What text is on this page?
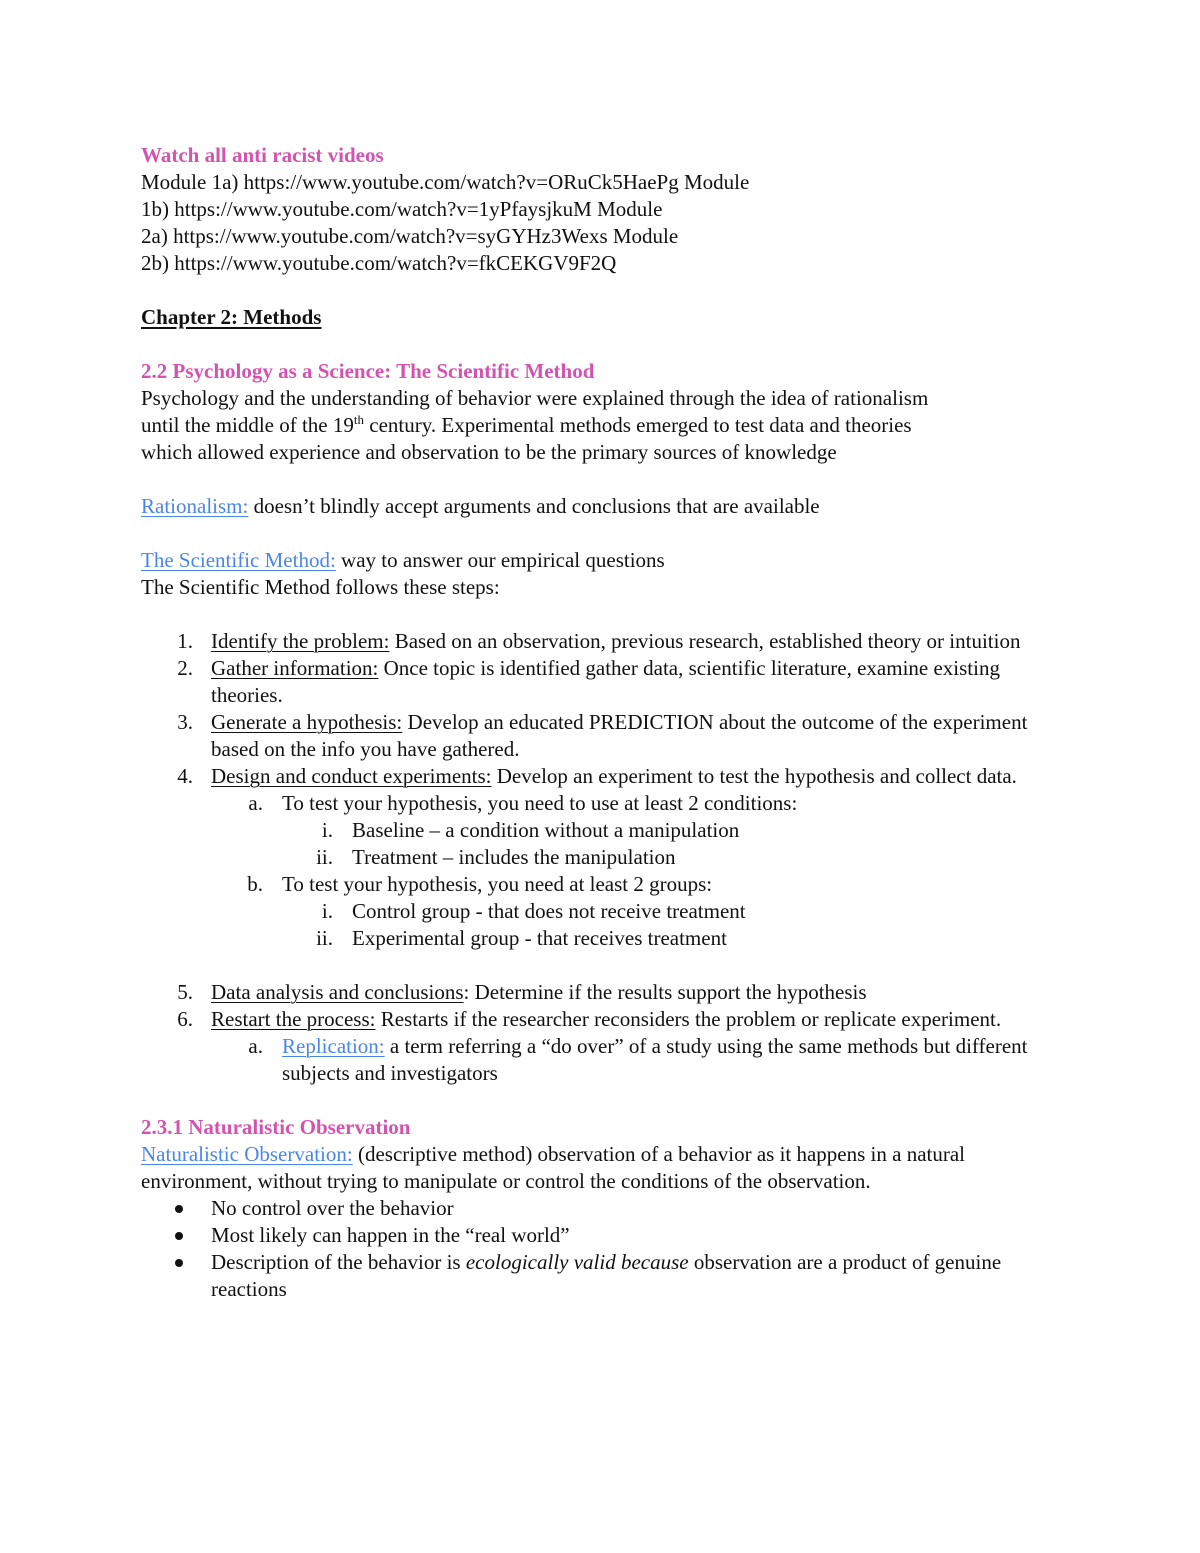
Watch all anti racist videos
Module 1a) https://www.youtube.com/watch?v=ORuCk5HaePg Module
1b) https://www.youtube.com/watch?v=1yPfaysjkuM Module
2a) https://www.youtube.com/watch?v=syGYHz3Wexs Module
2b) https://www.youtube.com/watch?v=fkCEKGV9F2Q
Chapter 2: Methods
2.2 Psychology as a Science: The Scientific Method
Psychology and the understanding of behavior were explained through the idea of rationalism
until the middle of the 19th century. Experimental methods emerged to test data and theories
which allowed experience and observation to be the primary sources of knowledge
Rationalism: doesn’t blindly accept arguments and conclusions that are available
The Scientific Method: way to answer our empirical questions
The Scientific Method follows these steps:
1. Identify the problem: Based on an observation, previous research, established theory or intuition
2. Gather information: Once topic is identified gather data, scientific literature, examine existing theories.
3. Generate a hypothesis: Develop an educated PREDICTION about the outcome of the experiment based on the info you have gathered.
4. Design and conduct experiments: Develop an experiment to test the hypothesis and collect data.
a. To test your hypothesis, you need to use at least 2 conditions:
i. Baseline – a condition without a manipulation
ii. Treatment – includes the manipulation
b. To test your hypothesis, you need at least 2 groups:
i. Control group - that does not receive treatment
ii. Experimental group - that receives treatment
5. Data analysis and conclusions: Determine if the results support the hypothesis
6. Restart the process: Restarts if the researcher reconsiders the problem or replicate experiment.
a. Replication: a term referring a “do over” of a study using the same methods but different subjects and investigators
2.3.1 Naturalistic Observation
Naturalistic Observation: (descriptive method) observation of a behavior as it happens in a natural environment, without trying to manipulate or control the conditions of the observation.
No control over the behavior
Most likely can happen in the “real world”
Description of the behavior is ecologically valid because observation are a product of genuine reactions
